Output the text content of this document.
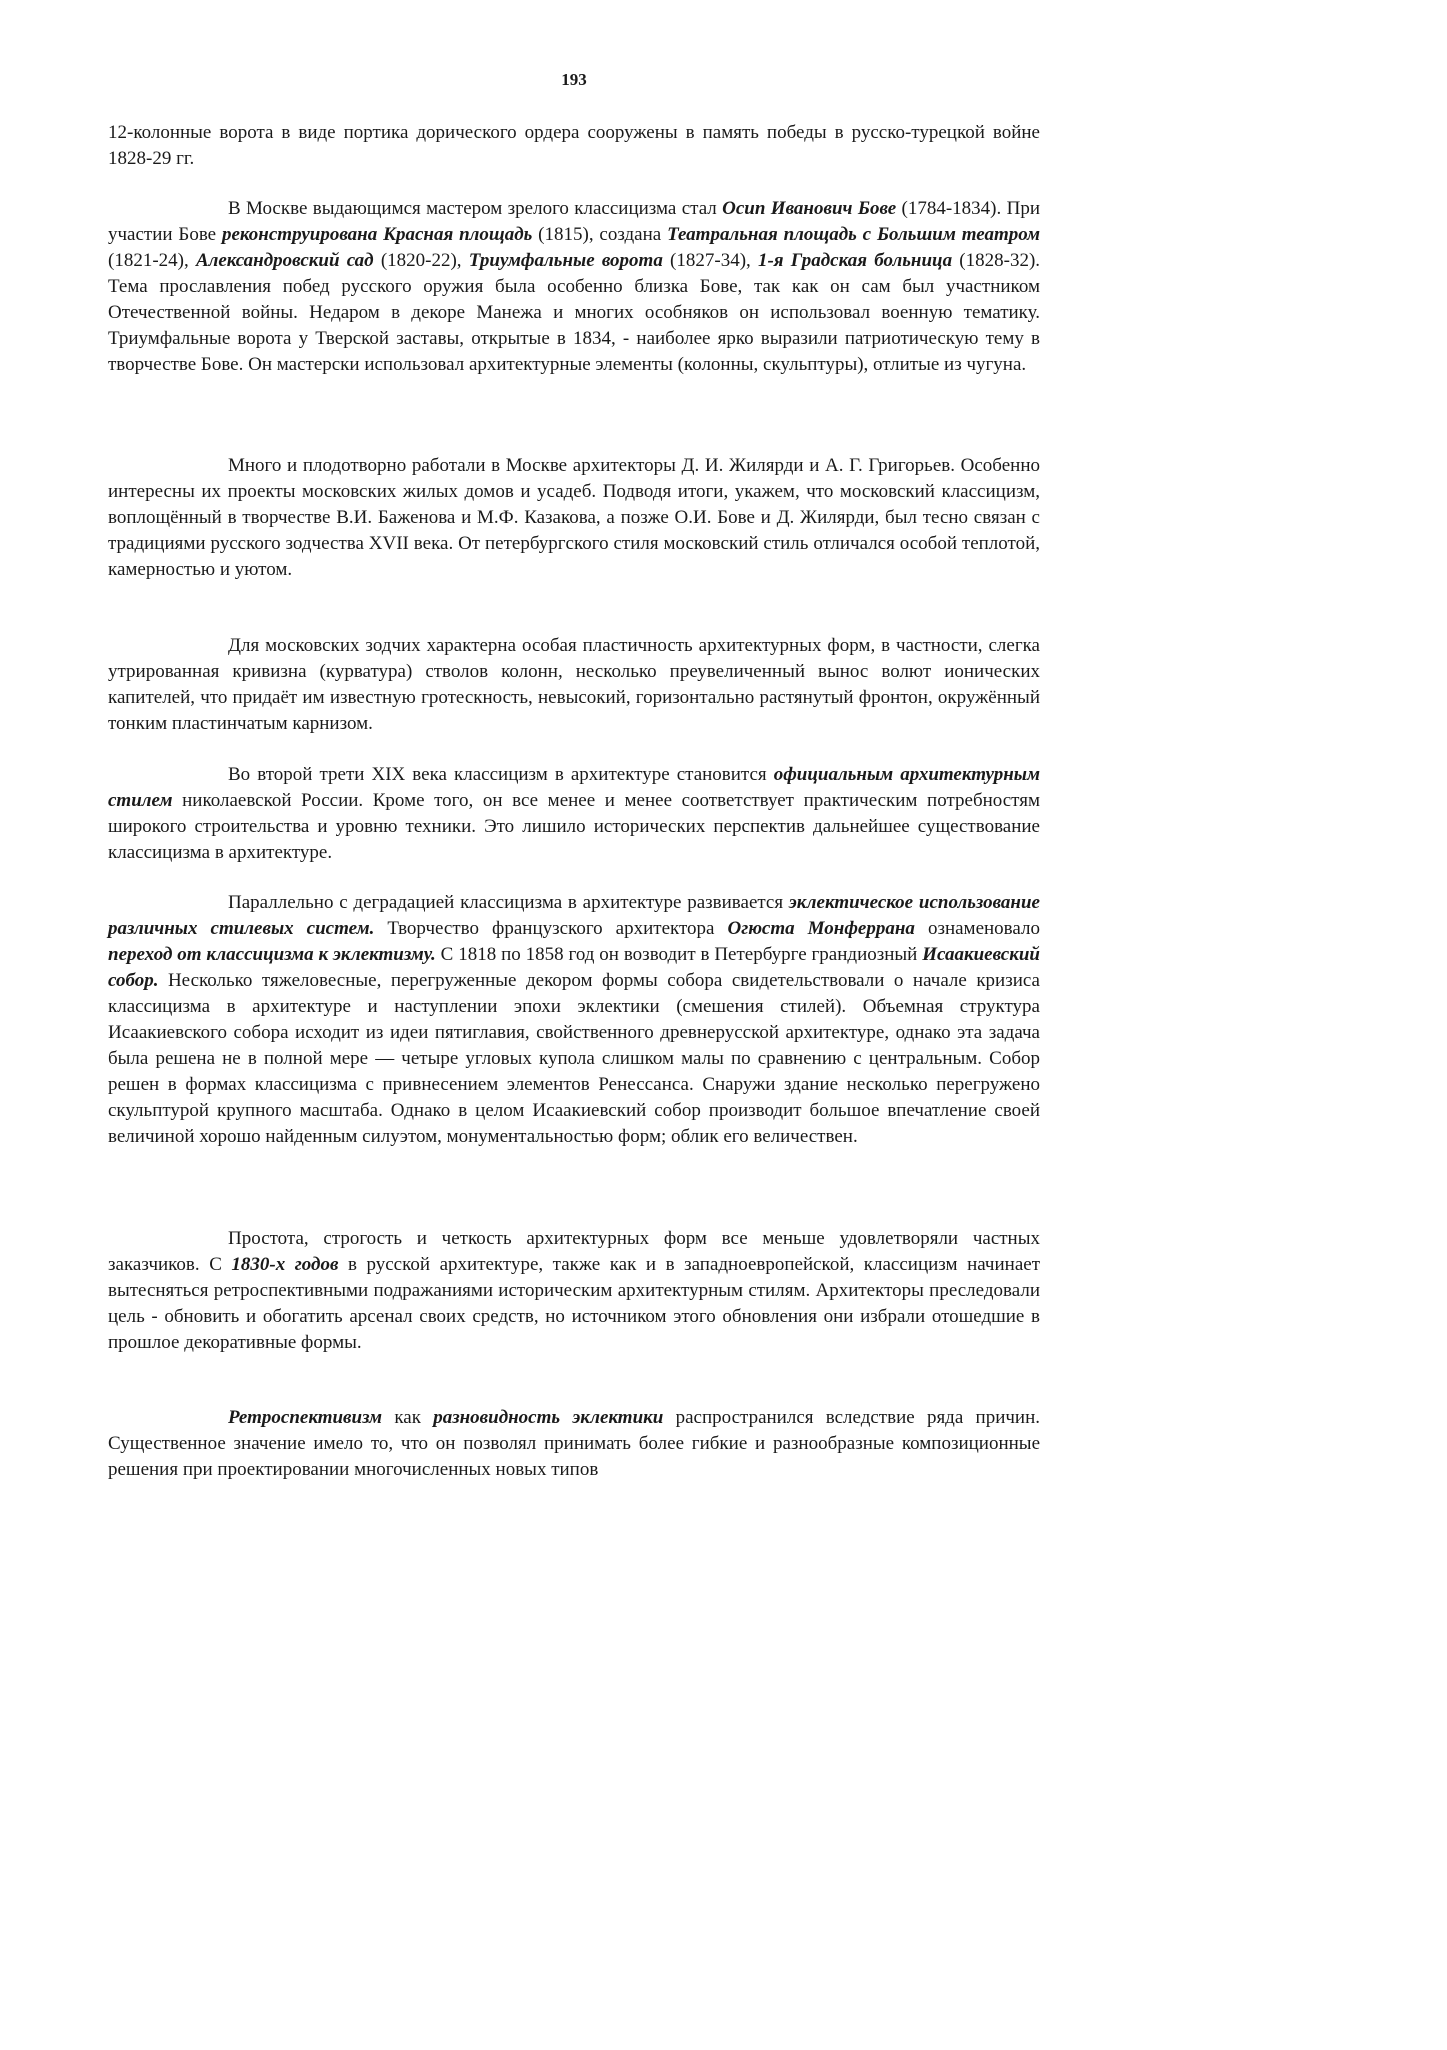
193

12-колонные ворота в виде портика дорического ордера сооружены в память победы в русско-турецкой войне 1828-29 гг.

В Москве выдающимся мастером зрелого классицизма стал Осип Иванович Бове (1784-1834). При участии Бове реконструирована Красная площадь (1815), создана Театральная площадь с Большим театром (1821-24), Александровский сад (1820-22), Триумфальные ворота (1827-34), 1-я Градская больница (1828-32). Тема прославления побед русского оружия была особенно близка Бове, так как он сам был участником Отечественной войны. Недаром в декоре Манежа и многих особняков он использовал военную тематику. Триумфальные ворота у Тверской заставы, открытые в 1834, - наиболее ярко выразили патриотическую тему в творчестве Бове. Он мастерски использовал архитектурные элементы (колонны, скульптуры), отлитые из чугуна.

Много и плодотворно работали в Москве архитекторы Д. И. Жилярди и А. Г. Григорьев. Особенно интересны их проекты московских жилых домов и усадеб. Подводя итоги, укажем, что московский классицизм, воплощённый в творчестве В.И. Баженова и М.Ф. Казакова, а позже О.И. Бове и Д. Жилярди, был тесно связан с традициями русского зодчества XVII века. От петербургского стиля московский стиль отличался особой теплотой, камерностью и уютом.

Для московских зодчих характерна особая пластичность архитектурных форм, в частности, слегка утрированная кривизна (курватура) стволов колонн, несколько преувеличенный вынос волют ионических капителей, что придаёт им известную гротескность, невысокий, горизонтально растянутый фронтон, окружённый тонким пластинчатым карнизом.

Во второй трети XIX века классицизм в архитектуре становится официальным архитектурным стилем николаевской России. Кроме того, он все менее и менее соответствует практическим потребностям широкого строительства и уровню техники. Это лишило исторических перспектив дальнейшее существование классицизма в архитектуре.

Параллельно с деградацией классицизма в архитектуре развивается эклектическое использование различных стилевых систем. Творчество французского архитектора Огюста Монферрана ознаменовало переход от классицизма к эклектизму. С 1818 по 1858 год он возводит в Петербурге грандиозный Исаакиевский собор. Несколько тяжеловесные, перегруженные декором формы собора свидетельствовали о начале кризиса классицизма в архитектуре и наступлении эпохи эклектики (смешения стилей). Объемная структура Исаакиевского собора исходит из идеи пятиглавия, свойственного древнерусской архитектуре, однако эта задача была решена не в полной мере — четыре угловых купола слишком малы по сравнению с центральным. Собор решен в формах классицизма с привнесением элементов Ренессанса. Снаружи здание несколько перегружено скульптурой крупного масштаба. Однако в целом Исаакиевский собор производит большое впечатление своей величиной хорошо найденным силуэтом, монументальностью форм; облик его величествен.

Простота, строгость и четкость архитектурных форм все меньше удовлетворяли частных заказчиков. С 1830-х годов в русской архитектуре, также как и в западноевропейской, классицизм начинает вытесняться ретроспективными подражаниями историческим архитектурным стилям. Архитекторы преследовали цель - обновить и обогатить арсенал своих средств, но источником этого обновления они избрали отошедшие в прошлое декоративные формы.

Ретроспективизм как разновидность эклектики распространился вследствие ряда причин. Существенное значение имело то, что он позволял принимать более гибкие и разнообразные композиционные решения при проектировании многочисленных новых типов
